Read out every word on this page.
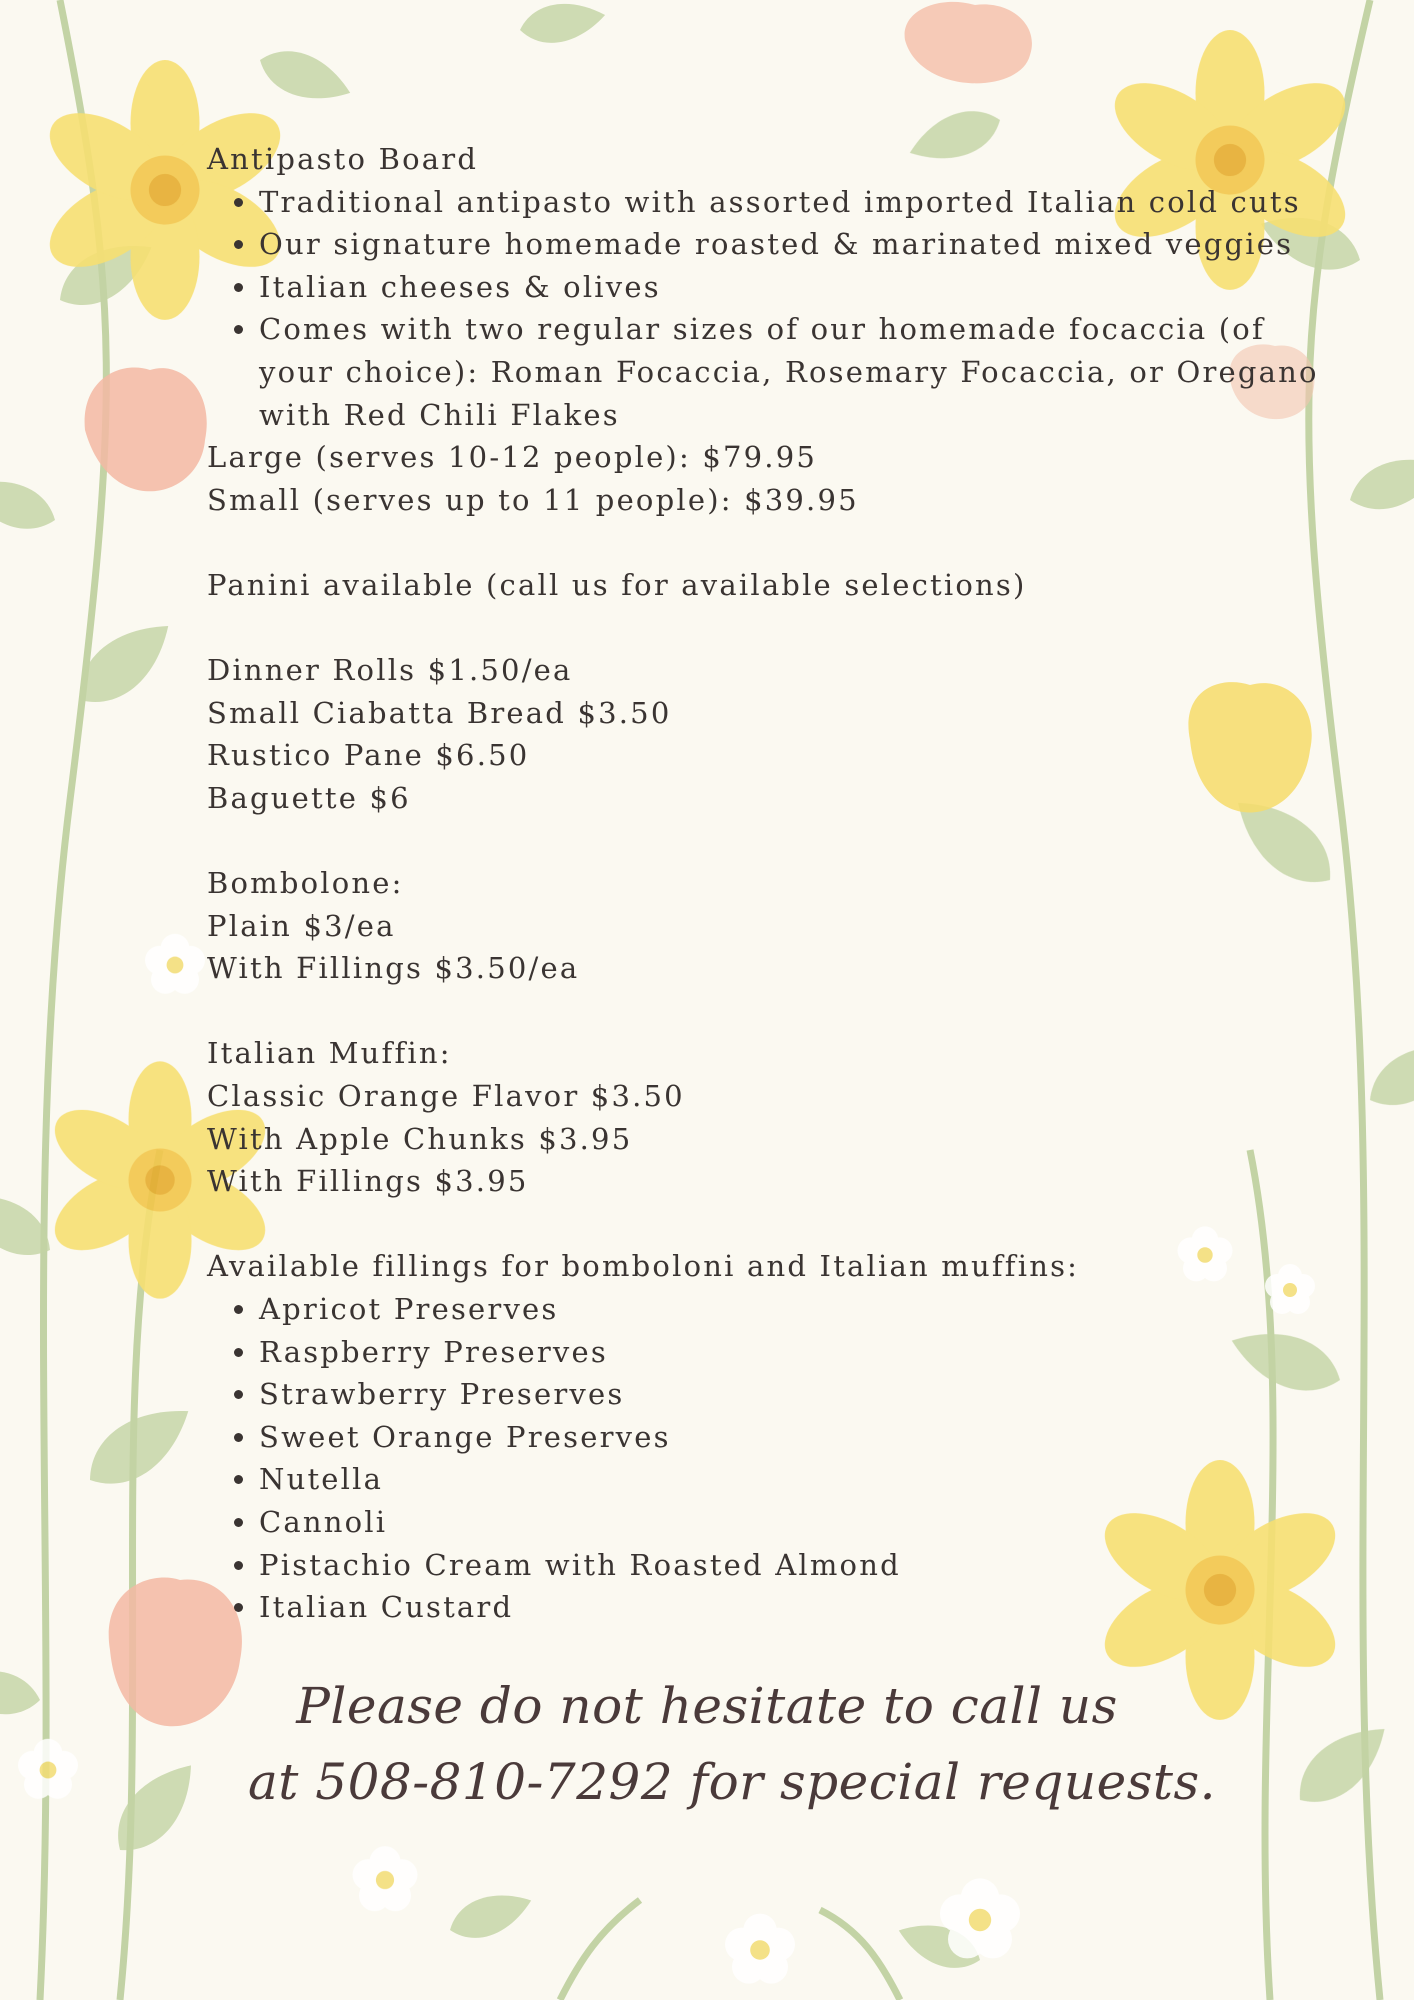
Antipasto Board
• Traditional antipasto with assorted imported Italian cold cuts
• Our signature homemade roasted & marinated mixed veggies
• Italian cheeses & olives
• Comes with two regular sizes of our homemade focaccia (of your choice): Roman Focaccia, Rosemary Focaccia, or Oregano with Red Chili Flakes
Large (serves 10-12 people): $79.95
Small (serves up to 11 people): $39.95
Panini available (call us for available selections)
Dinner Rolls $1.50/ea
Small Ciabatta Bread $3.50
Rustico Pane $6.50
Baguette $6
Bombolone:
Plain $3/ea
With Fillings $3.50/ea
Italian Muffin:
Classic Orange Flavor $3.50
With Apple Chunks $3.95
With Fillings $3.95
Available fillings for bomboloni and Italian muffins:
• Apricot Preserves
• Raspberry Preserves
• Strawberry Preserves
• Sweet Orange Preserves
• Nutella
• Cannoli
• Pistachio Cream with Roasted Almond
• Italian Custard
Please do not hesitate to call us
at 508-810-7292 for special requests.
